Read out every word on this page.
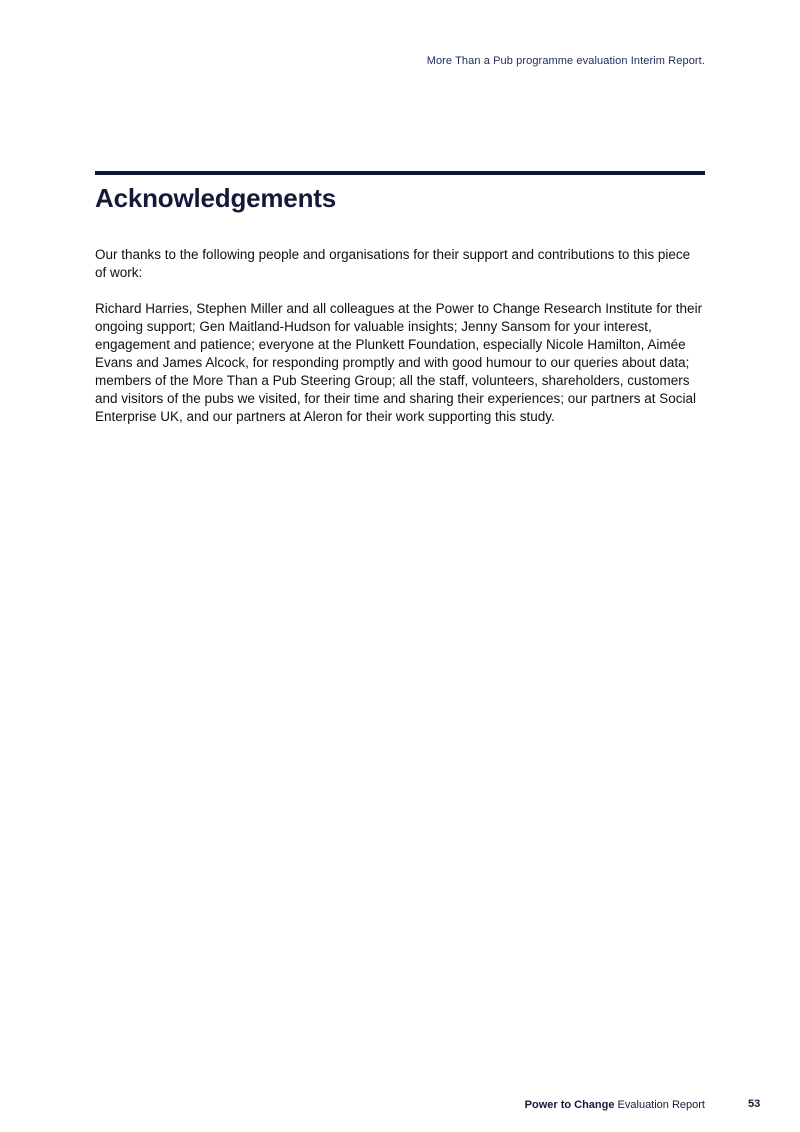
More Than a Pub programme evaluation Interim Report.
Acknowledgements

Our thanks to the following people and organisations for their support and contributions to this piece of work:

Richard Harries, Stephen Miller and all colleagues at the Power to Change Research Institute for their ongoing support; Gen Maitland-Hudson for valuable insights; Jenny Sansom for your interest, engagement and patience; everyone at the Plunkett Foundation, especially Nicole Hamilton, Aimée Evans and James Alcock, for responding promptly and with good humour to our queries about data; members of the More Than a Pub Steering Group; all the staff, volunteers, shareholders, customers and visitors of the pubs we visited, for their time and sharing their experiences; our partners at Social Enterprise UK, and our partners at Aleron for their work supporting this study.

Power to Change Evaluation Report	53
